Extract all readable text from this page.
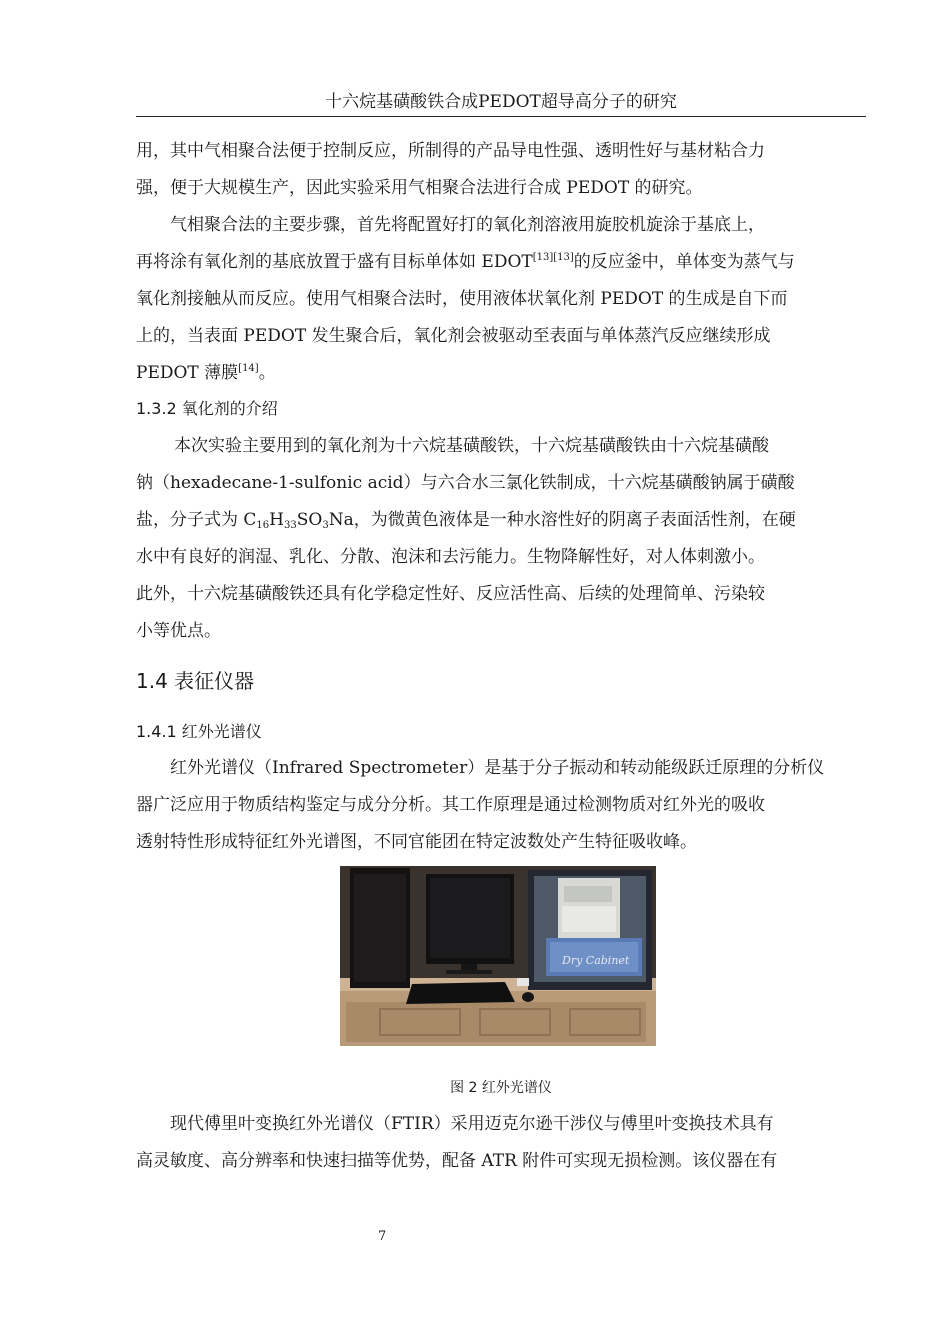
十六烷基磺酸铁合成PEDOT超导高分子的研究

用，其中气相聚合法便于控制反应，所制得的产品导电性强、透明性好与基材粘合力
强，便于大规模生产，因此实验采用气相聚合法进行合成 PEDOT 的研究。

气相聚合法的主要步骤，首先将配置好打的氧化剂溶液用旋胶机旋涂于基底上，
再将涂有氧化剂的基底放置于盛有目标单体如 EDOT[13][13]的反应釜中，单体变为蒸气与
氧化剂接触从而反应。使用气相聚合法时，使用液体状氧化剂 PEDOT 的生成是自下而
上的，当表面 PEDOT 发生聚合后，氧化剂会被驱动至表面与单体蒸汽反应继续形成
PEDOT 薄膜[14]。

1.3.2 氧化剂的介绍

本次实验主要用到的氧化剂为十六烷基磺酸铁，十六烷基磺酸铁由十六烷基磺酸
钠（hexadecane-1-sulfonic acid）与六合水三氯化铁制成，十六烷基磺酸钠属于磺酸
盐，分子式为 $C_{16}H_{33}SO_3Na$，为微黄色液体是一种水溶性好的阴离子表面活性剂，在硬
水中有良好的润湿、乳化、分散、泡沫和去污能力。生物降解性好，对人体刺激小。
此外，十六烷基磺酸铁还具有化学稳定性好、反应活性高、后续的处理简单、污染较
小等优点。

1.4 表征仪器
1.4.1 红外光谱仪

红外光谱仪（Infrared Spectrometer）是基于分子振动和转动能级跃迁原理的分析仪
器广泛应用于物质结构鉴定与成分分析。其工作原理是通过检测物质对红外光的吸收
透射特性形成特征红外光谱图，不同官能团在特定波数处产生特征吸收峰。

Dry Cabinet
图 2 红外光谱仪

现代傅里叶变换红外光谱仪（FTIR）采用迈克尔逊干涉仪与傅里叶变换技术具有
高灵敏度、高分辨率和快速扫描等优势，配备 ATR 附件可实现无损检测。该仪器在有

7
